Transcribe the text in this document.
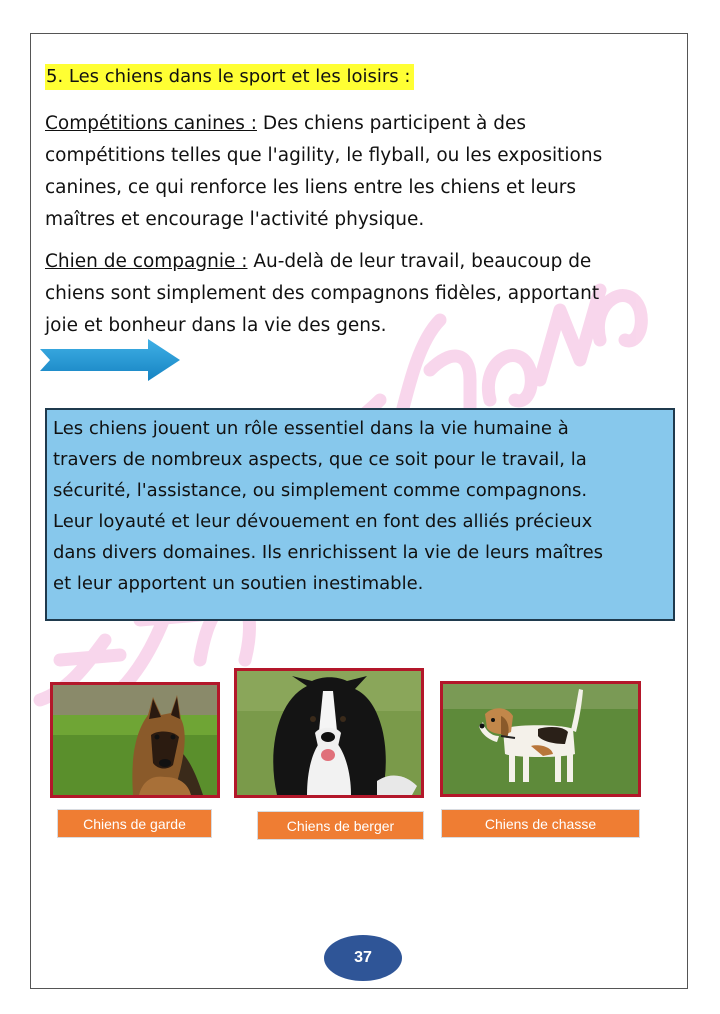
5. Les chiens dans le sport et les loisirs :
Compétitions canines : Des chiens participent à des
compétitions telles que l'agility, le flyball, ou les expositions
canines, ce qui renforce les liens entre les chiens et leurs
maîtres et encourage l'activité physique.
Chien de compagnie : Au-delà de leur travail, beaucoup de
chiens sont simplement des compagnons fidèles, apportant
joie et bonheur dans la vie des gens.
Les chiens jouent un rôle essentiel dans la vie humaine à
travers de nombreux aspects, que ce soit pour le travail, la
sécurité, l'assistance, ou simplement comme compagnons.
Leur loyauté et leur dévouement en font des alliés précieux
dans divers domaines. Ils enrichissent la vie de leurs maîtres
et leur apportent un soutien inestimable.
Chiens de garde	Chiens de berger	Chiens de chasse
37
